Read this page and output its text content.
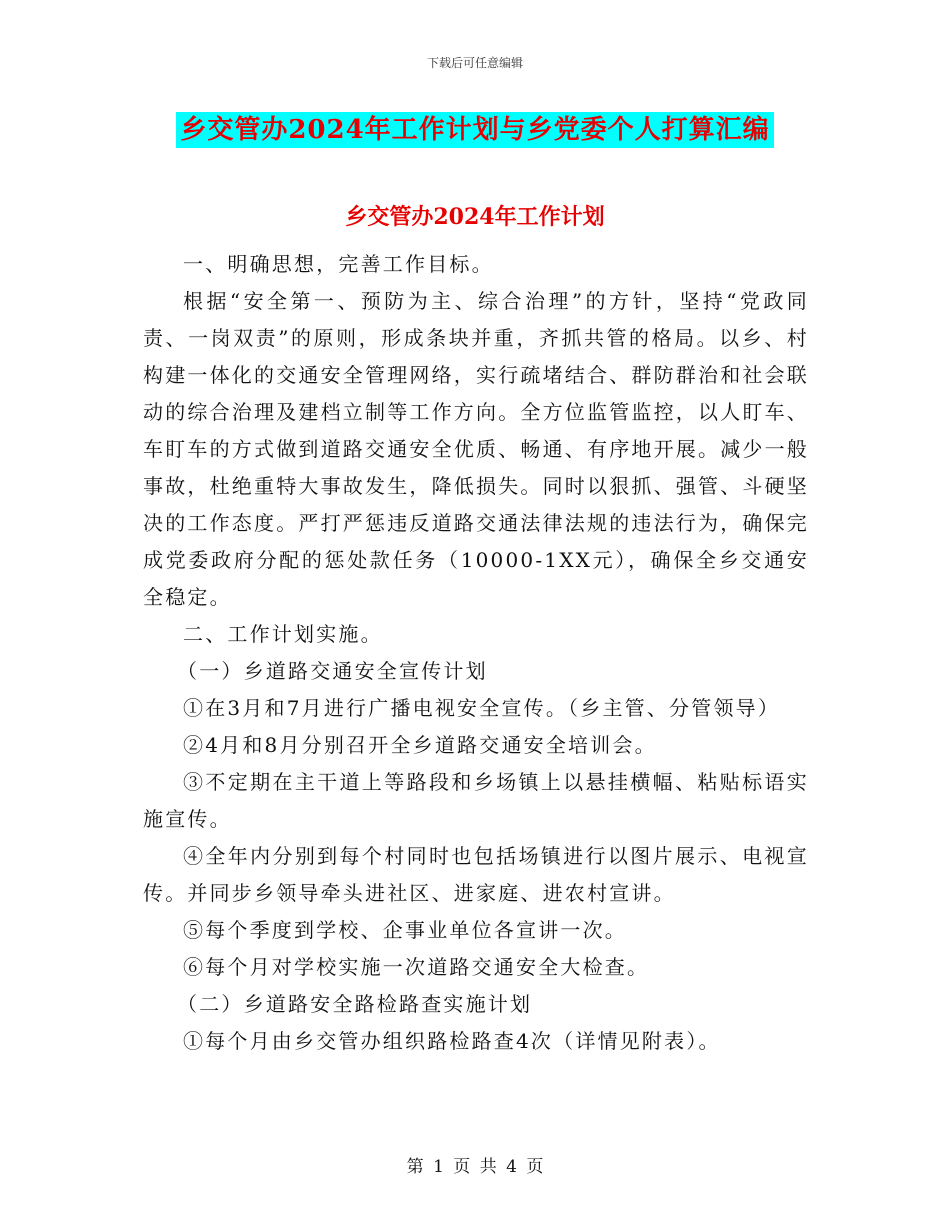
下载后可任意编辑
乡交管办2024年工作计划与乡党委个人打算汇编
乡交管办2024年工作计划

一、明确思想，完善工作目标。

根据“安全第一、预防为主、综合治理”的方针，坚持“党政同责、一岗双责”的原则，形成条块并重，齐抓共管的格局。以乡、村构建一体化的交通安全管理网络，实行疏堵结合、群防群治和社会联动的综合治理及建档立制等工作方向。全方位监管监控，以人盯车、车盯车的方式做到道路交通安全优质、畅通、有序地开展。减少一般事故，杜绝重特大事故发生，降低损失。同时以狠抓、强管、斗硬坚决的工作态度。严打严惩违反道路交通法律法规的违法行为，确保完成党委政府分配的惩处款任务（10000-1XX元），确保全乡交通安全稳定。

二、工作计划实施。

（一）乡道路交通安全宣传计划

①在3月和7月进行广播电视安全宣传。（乡主管、分管领导）

②4月和8月分别召开全乡道路交通安全培训会。

③不定期在主干道上等路段和乡场镇上以悬挂横幅、粘贴标语实施宣传。

④全年内分别到每个村同时也包括场镇进行以图片展示、电视宣传。并同步乡领导牵头进社区、进家庭、进农村宣讲。

⑤每个季度到学校、企事业单位各宣讲一次。

⑥每个月对学校实施一次道路交通安全大检查。

（二）乡道路安全路检路查实施计划

①每个月由乡交管办组织路检路查4次（详情见附表）。

第 1 页 共 4 页
